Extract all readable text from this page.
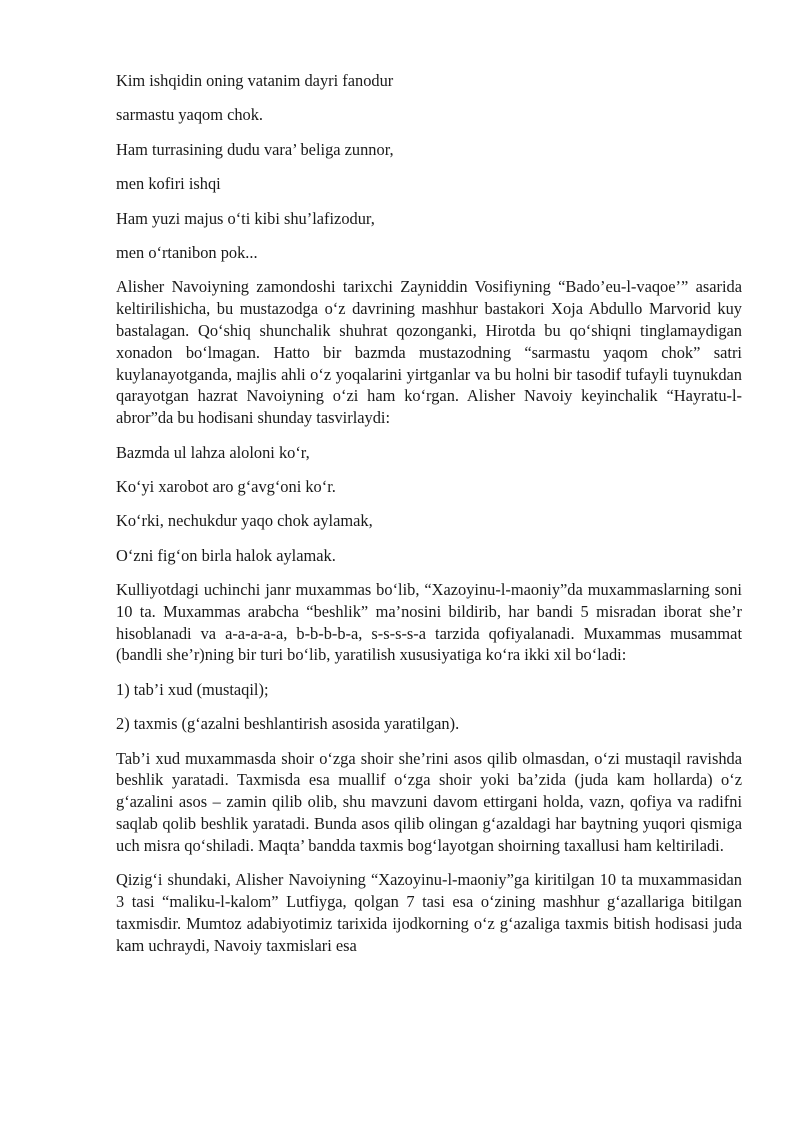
Kim ishqidin oning vatanim dayri fanodur
sarmastu yaqom chok.
Ham turrasining dudu vara’ beliga zunnor,
men kofiri ishqi
Ham yuzi majus o‘ti kibi shu’lafizodur,
men o‘rtanibon pok...

Alisher Navoiyning zamondoshi tarixchi Zayniddin Vosifiyning “Bado’eu-l-vaqoe’” asarida keltirilishicha, bu mustazodga o‘z davrining mashhur bastakori Xoja Abdullo Marvorid kuy bastalagan. Qo‘shiq shunchalik shuhrat qozonganki, Hirotda bu qo‘shiqni tinglamaydigan xonadon bo‘lmagan. Hatto bir bazmda mustazodning “sarmastu yaqom chok” satri kuylanayotganda, majlis ahli o‘z yoqalarini yirtganlar va bu holni bir tasodif tufayli tuynukdan qarayotgan hazrat Navoiyning o‘zi ham ko‘rgan. Alisher Navoiy keyinchalik “Hayratu-l- abror”da bu hodisani shunday tasvirlaydi:

Bazmda ul lahza aloloni ko‘r,
Ko‘yi xarobot aro g‘avg‘oni ko‘r.
Ko‘rki, nechukdur yaqo chok aylamak,
O‘zni fig‘on birla halok aylamak.

Kulliyotdagi uchinchi janr muxammas bo‘lib, “Xazoyinu-l-maoniy”da muxammaslarning soni 10 ta. Muxammas arabcha “beshlik” ma’nosini bildirib, har bandi 5 misradan iborat she’r hisoblanadi va a-a-a-a-a, b-b-b-b-a, s-s-s-s-a tarzida qofiyalanadi. Muxammas musammat (bandli she’r)ning bir turi bo‘lib, yaratilish xususiyatiga ko‘ra ikki xil bo‘ladi:

1) tab’i xud (mustaqil);
2) taxmis (g‘azalni beshlantirish asosida yaratilgan).

Tab’i xud muxammasda shoir o‘zga shoir she’rini asos qilib olmasdan, o‘zi mustaqil ravishda beshlik yaratadi. Taxmisda esa muallif o‘zga shoir yoki ba’zida (juda kam hollarda) o‘z g‘azalini asos – zamin qilib olib, shu mavzuni davom ettirgani holda, vazn, qofiya va radifni saqlab qolib beshlik yaratadi. Bunda asos qilib olingan g‘azaldagi har baytning yuqori qismiga uch misra qo‘shiladi. Maqta’ bandda taxmis bog‘layotgan shoirning taxallusi ham keltiriladi.

Qizig‘i shundaki, Alisher Navoiyning “Xazoyinu-l-maoniy”ga kiritilgan 10 ta muxammasidan 3 tasi “maliku-l-kalom” Lutfiyga, qolgan 7 tasi esa o‘zining mashhur g‘azallariga bitilgan taxmisdir. Mumtoz adabiyotimiz tarixida ijodkorning o‘z g‘azaliga taxmis bitish hodisasi juda kam uchraydi, Navoiy taxmislari esa
